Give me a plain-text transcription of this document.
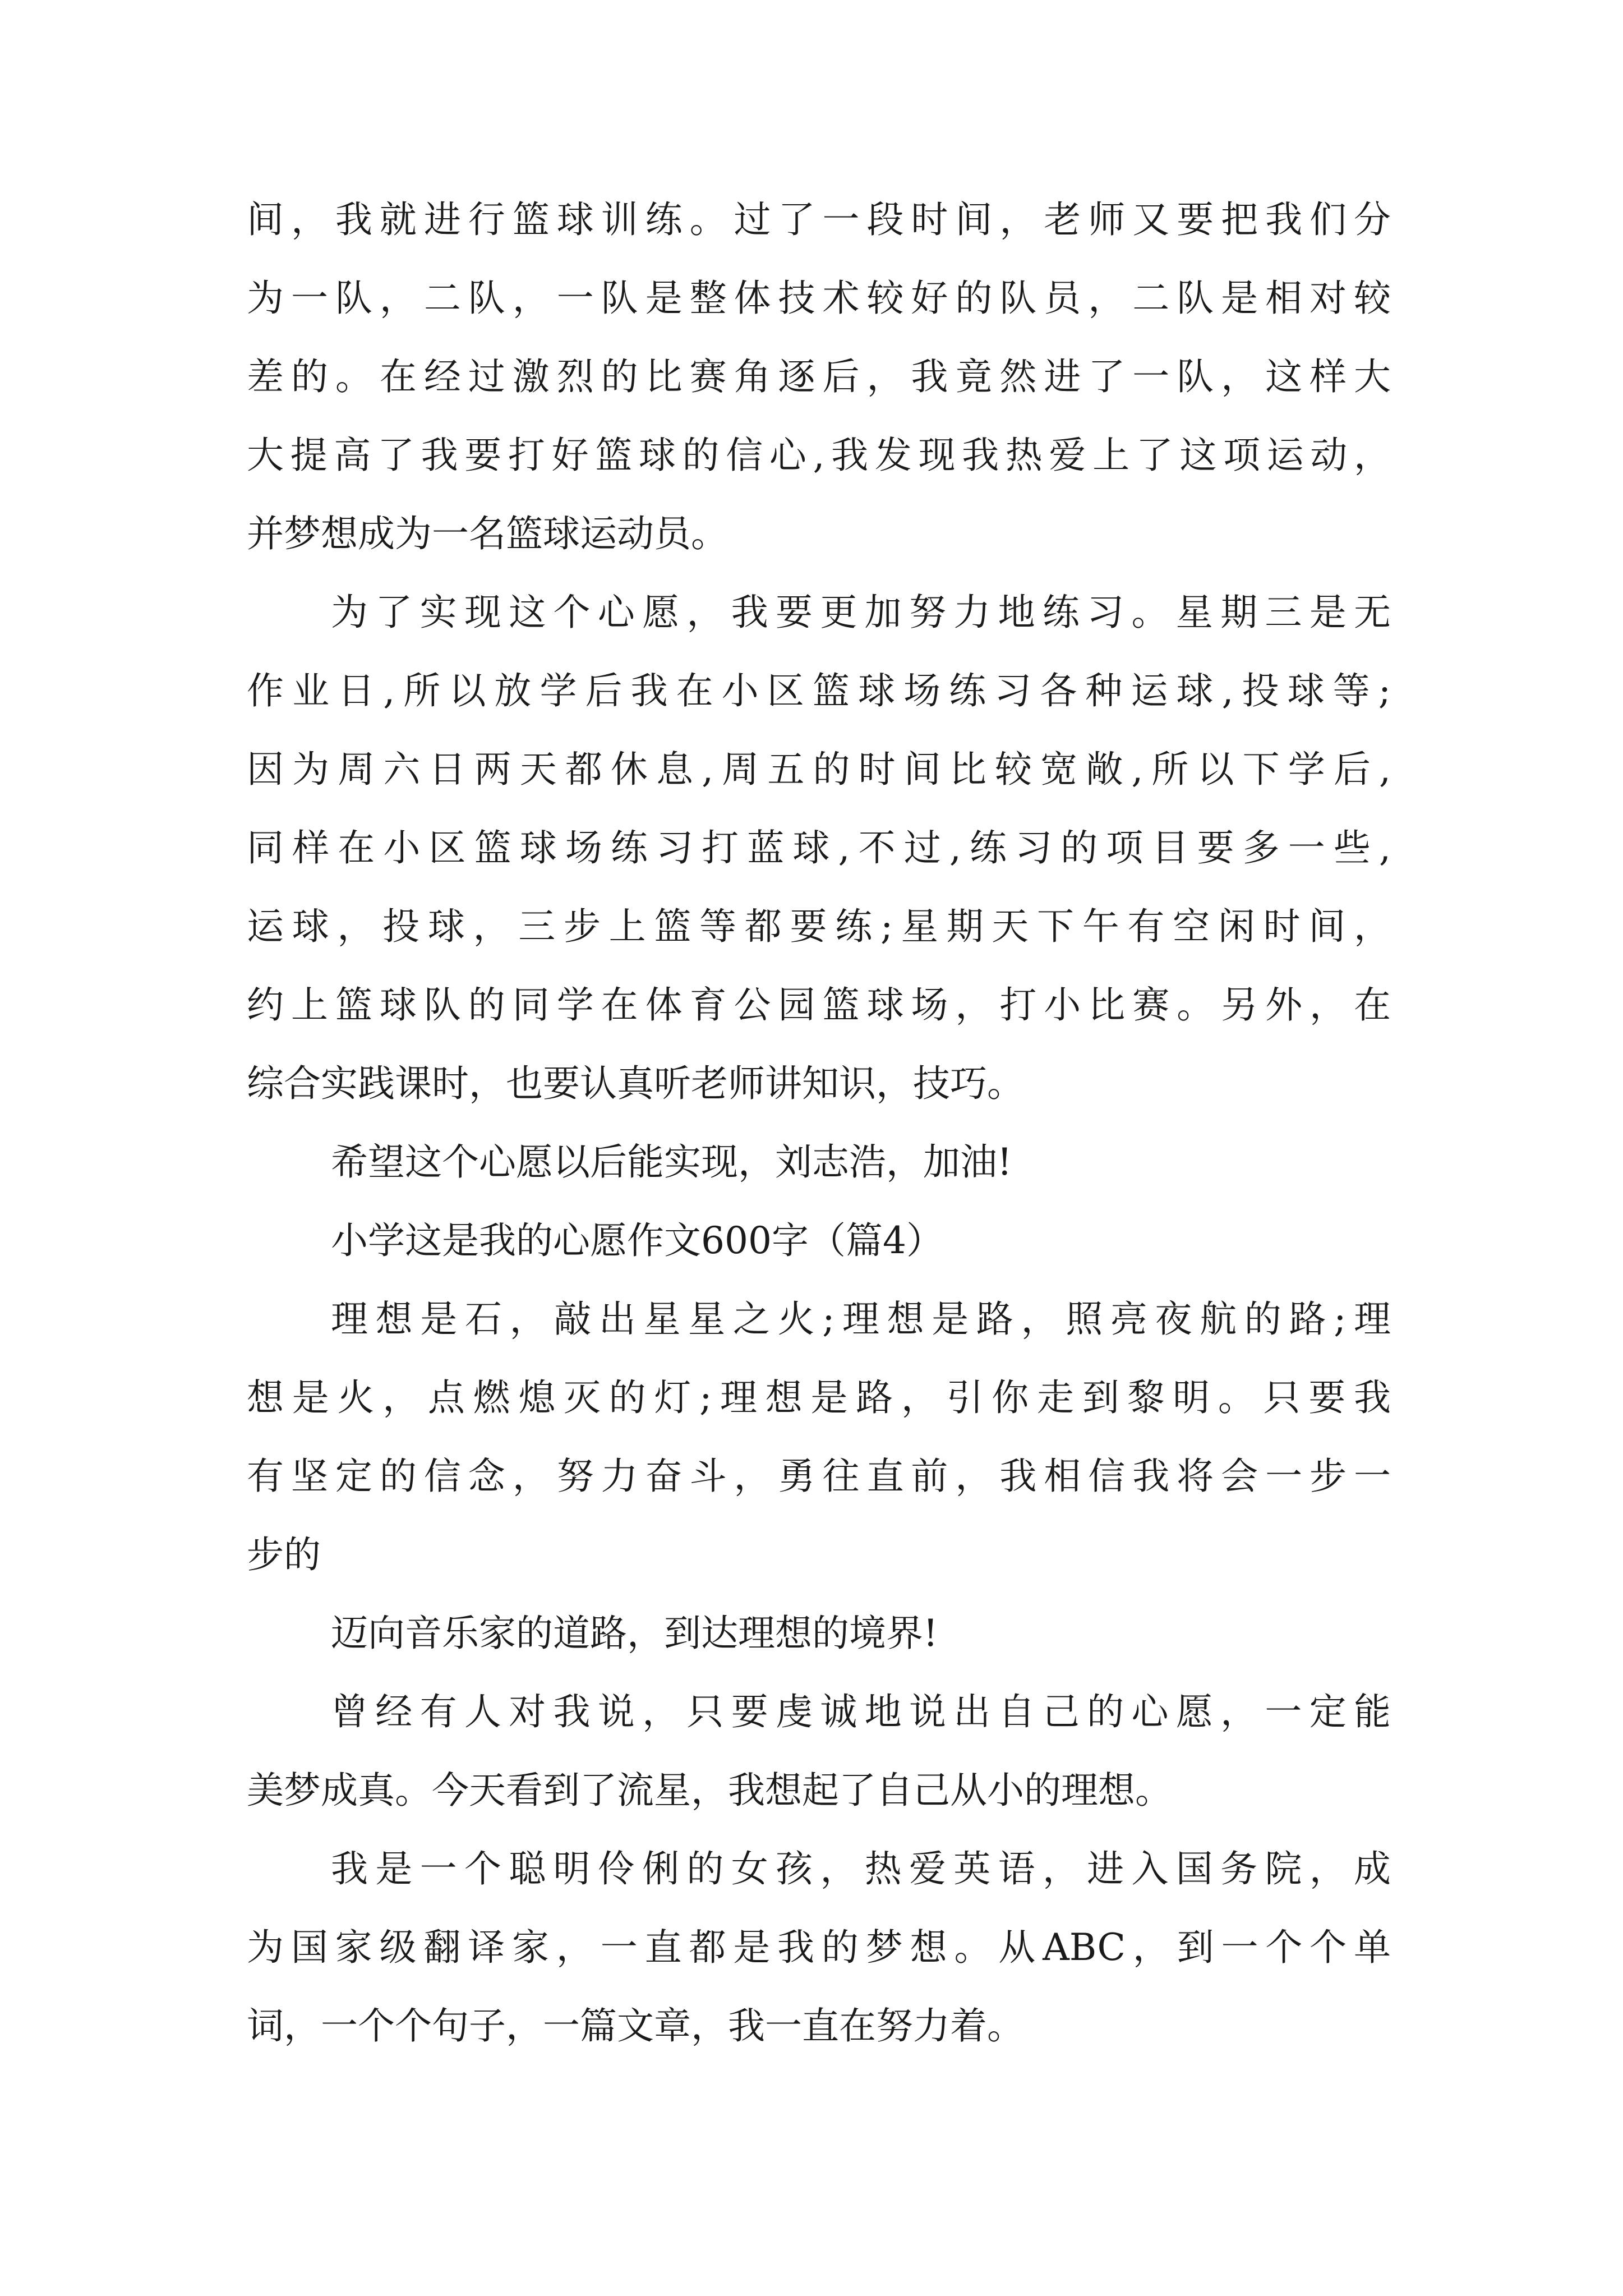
间，我就进行篮球训练。过了一段时间，老师又要把我们分
为一队，二队，一队是整体技术较好的队员，二队是相对较
差的。在经过激烈的比赛角逐后，我竟然进了一队，这样大
大提高了我要打好篮球的信心,我发现我热爱上了这项运动，
并梦想成为一名篮球运动员。
为了实现这个心愿，我要更加努力地练习。星期三是无
作业日,所以放学后我在小区篮球场练习各种运球,投球等;
因为周六日两天都休息,周五的时间比较宽敞,所以下学后,
同样在小区篮球场练习打蓝球,不过,练习的项目要多一些,
运球，投球，三步上篮等都要练;星期天下午有空闲时间，
约上篮球队的同学在体育公园篮球场，打小比赛。另外，在
综合实践课时，也要认真听老师讲知识，技巧。
希望这个心愿以后能实现，刘志浩，加油!
小学这是我的心愿作文600字（篇4）
理想是石，敲出星星之火;理想是路，照亮夜航的路;理
想是火，点燃熄灭的灯;理想是路，引你走到黎明。只要我
有坚定的信念，努力奋斗，勇往直前，我相信我将会一步一
步的
迈向音乐家的道路，到达理想的境界!
曾经有人对我说，只要虔诚地说出自己的心愿，一定能
美梦成真。今天看到了流星，我想起了自己从小的理想。
我是一个聪明伶俐的女孩，热爱英语，进入国务院，成
为国家级翻译家，一直都是我的梦想。从ABC，到一个个单
词，一个个句子，一篇文章，我一直在努力着。
